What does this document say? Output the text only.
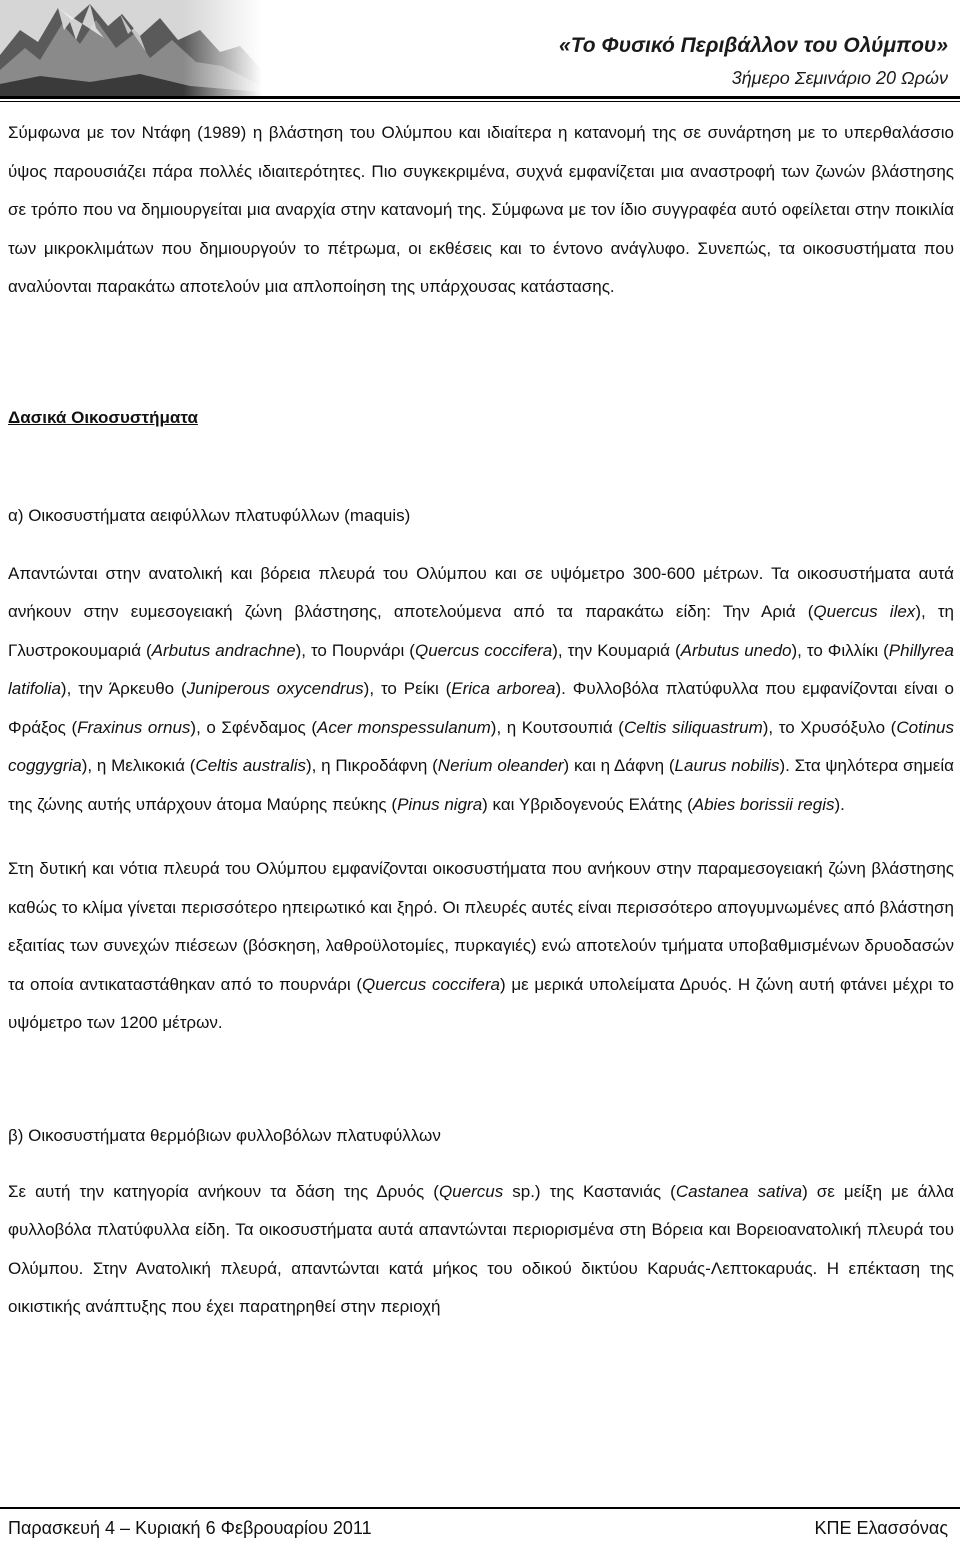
«Το Φυσικό Περιβάλλον του Ολύμπου»
3ήμερο Σεμινάριο 20 Ωρών

Σύμφωνα με τον Ντάφη (1989) η βλάστηση του Ολύμπου και ιδιαίτερα η κατανομή της σε συνάρτηση με το υπερθαλάσσιο ύψος παρουσιάζει πάρα πολλές ιδιαιτερότητες. Πιο συγκεκριμένα, συχνά εμφανίζεται μια αναστροφή των ζωνών βλάστησης σε τρόπο που να δημιουργείται μια αναρχία στην κατανομή της. Σύμφωνα με τον ίδιο συγγραφέα αυτό οφείλεται στην ποικιλία των μικροκλιμάτων που δημιουργούν το πέτρωμα, οι εκθέσεις και το έντονο ανάγλυφο. Συνεπώς, τα οικοσυστήματα που αναλύονται παρακάτω αποτελούν μια απλοποίηση της υπάρχουσας κατάστασης.

Δασικά Οικοσυστήματα
α) Οικοσυστήματα αειφύλλων πλατυφύλλων (maquis)

Απαντώνται στην ανατολική και βόρεια πλευρά του Ολύμπου και σε υψόμετρο 300-600 μέτρων. Τα οικοσυστήματα αυτά ανήκουν στην ευμεσογειακή ζώνη βλάστησης, αποτελούμενα από τα παρακάτω είδη: Την Αριά (Quercus ilex), τη Γλυστροκουμαριά (Arbutus andrachne), το Πουρνάρι (Quercus coccifera), την Κουμαριά (Arbutus unedo), το Φιλλίκι (Phillyrea latifolia), την Άρκευθο (Juniperous oxycendrus), το Ρείκι (Erica arborea). Φυλλοβόλα πλατύφυλλα που εμφανίζονται είναι ο Φράξος (Fraxinus ornus), ο Σφένδαμος (Acer monspessulanum), η Κουτσουπιά (Celtis siliquastrum), το Χρυσόξυλο (Cotinus coggygria), η Μελικοκιά (Celtis australis), η Πικροδάφνη (Nerium oleander) και η Δάφνη (Laurus nobilis). Στα ψηλότερα σημεία της ζώνης αυτής υπάρχουν άτομα Μαύρης πεύκης (Pinus nigra) και Υβριδογενούς Ελάτης (Abies borissii regis).

Στη δυτική και νότια πλευρά του Ολύμπου εμφανίζονται οικοσυστήματα που ανήκουν στην παραμεσογειακή ζώνη βλάστησης καθώς το κλίμα γίνεται περισσότερο ηπειρωτικό και ξηρό. Οι πλευρές αυτές είναι περισσότερο απογυμνωμένες από βλάστηση εξαιτίας των συνεχών πιέσεων (βόσκηση, λαθροϋλοτομίες, πυρκαγιές) ενώ αποτελούν τμήματα υποβαθμισμένων δρυοδασών τα οποία αντικαταστάθηκαν από το πουρνάρι (Quercus coccifera) με μερικά υπολείματα Δρυός. Η ζώνη αυτή φτάνει μέχρι το υψόμετρο των 1200 μέτρων.

β) Οικοσυστήματα θερμόβιων φυλλοβόλων πλατυφύλλων

Σε αυτή την κατηγορία ανήκουν τα δάση της Δρυός (Quercus sp.) της Καστανιάς (Castanea sativa) σε μείξη με άλλα φυλλοβόλα πλατύφυλλα είδη. Τα οικοσυστήματα αυτά απαντώνται περιορισμένα στη Βόρεια και Βορειοανατολική πλευρά του Ολύμπου. Στην Ανατολική πλευρά, απαντώνται κατά μήκος του οδικού δικτύου Καρυάς-Λεπτοκαρυάς. Η επέκταση της οικιστικής ανάπτυξης που έχει παρατηρηθεί στην περιοχή

Παρασκευή 4 – Κυριακή 6 Φεβρουαρίου 2011	ΚΠΕ Ελασσόνας
